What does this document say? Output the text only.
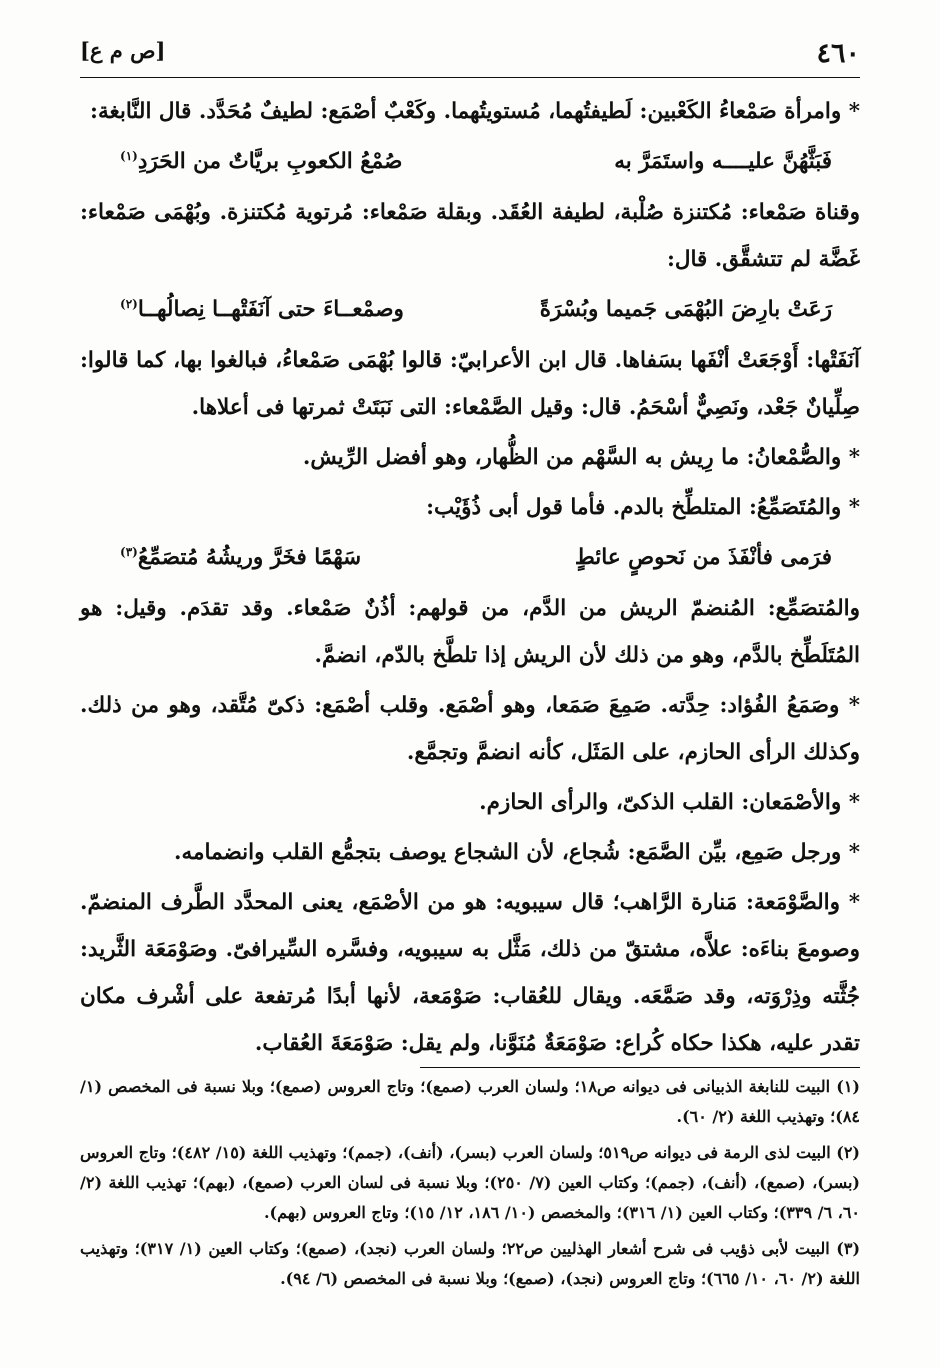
٤٦٠
[ص م ع]

* وامرأة صَمْعاءُ الكَعْبين: لَطيفتُهما، مُستويتُهما. وكَعْبٌ أصْمَع: لطيفٌ مُحَدَّد. قال النَّابغة:

فَبَثَّهُنَّ عليــــه واستَمَرَّ به
صُمْعُ الكعوبِ بريَّاتٌ من الحَرَدِ$^{(١)}$

وقناة صَمْعاء: مُكتنزة صُلْبة، لطيفة العُقَد. وبقلة صَمْعاء: مُرتوية مُكتنزة. وبُهْمَى صَمْعاء: غَضَّة لم تتشقَّق. قال:

رَعَتْ بارِضَ البُهْمَى جَميما وبُسْرَةً
وصمْعــاءَ حتى آنَفَتْهــا نِصالُهــا$^{(٢)}$

آنَفَتْها: أَوْجَعَتْ أنْفَها بسَفاها. قال ابن الأعرابيّ: قالوا بُهْمَى صَمْعاءُ، فبالغوا بها، كما قالوا: صِلِّيانٌ جَعْد، ونَصِيٌّ أسْحَمُ. قال: وقيل الصَّمْعاء: التى نَبَتَتْ ثمرتها فى أعلاها.

* والصُّمْعانُ: ما رِيش به السَّهْم من الظُّهار، وهو أفضل الرِّيش.

* والمُتَصَمِّعُ: المتلطِّخ بالدم. فأما قول أبى ذُؤَيْب:

فرَمى فأنْفَذَ من نَحوصٍ عائطٍ
سَهْمًا فخَرَّ وريشُهُ مُتصَمِّعُ$^{(٣)}$

والمُتصَمِّع: المُنضمّ الريش من الدَّم، من قولهم: أذُنٌ صَمْعاء. وقد تقدَم. وقيل: هو المُتَلَطِّخ بالدَّم، وهو من ذلك لأن الريش إذا تلطَّخ بالدّم، انضمَّ.

* وصَمَعُ الفُؤاد: حِدَّته. صَمِعَ صَمَعا، وهو أصْمَع. وقلب أصْمَع: ذكىّ مُتَّقد، وهو من ذلك. وكذلك الرأى الحازم، على المَثَل، كأنه انضمَّ وتجمَّع.

* والأصْمَعان: القلب الذكىّ، والرأى الحازم.

* ورجل صَمِع، بيِّن الصَّمَع: شُجاع، لأن الشجاع يوصف بتجمُّع القلب وانضمامه.

* والصَّوْمَعة: مَنارة الرَّاهب؛ قال سيبويه: هو من الأصْمَع، يعنى المحدَّد الطَّرف المنضمّ. وصومعَ بناءَه: علاَّه، مشتقّ من ذلك، مَثَّل به سيبويه، وفسَّره السِّيرافىّ. وصَوْمَعَة الثَّريد: جُثَّته وذِرْوَته، وقد صَمَّعَه. ويقال للعُقاب: صَوْمَعة، لأنها أبدًا مُرتفعة على أشْرف مكان تقدر عليه، هكذا حكاه كُراع: صَوْمَعَةٌ مُنَوَّنا، ولم يقل: صَوْمَعَةَ العُقاب.

(١) البيت للنابغة الذبيانى فى ديوانه ص١٨؛ ولسان العرب (صمع)؛ وتاج العروس (صمع)؛ وبلا نسبة فى المخصص (١/ ٨٤)؛ وتهذيب اللغة (٢/ ٦٠).

(٢) البيت لذى الرمة فى ديوانه ص٥١٩؛ ولسان العرب (بسر)، (أنف)، (جمم)؛ وتهذيب اللغة (١٥/ ٤٨٢)؛ وتاج العروس (بسر)، (صمع)، (أنف)، (جمم)؛ وكتاب العين (٧/ ٢٥٠)؛ وبلا نسبة فى لسان العرب (صمع)، (بهم)؛ تهذيب اللغة (٢/ ٦٠، ٦/ ٣٣٩)؛ وكتاب العين (١/ ٣١٦)؛ والمخصص (١٠/ ١٨٦، ١٢/ ١٥)؛ وتاج العروس (بهم).

(٣) البيت لأبى ذؤيب فى شرح أشعار الهذليين ص٢٢؛ ولسان العرب (نجد)، (صمع)؛ وكتاب العين (١/ ٣١٧)؛ وتهذيب اللغة (٢/ ٦٠، ١٠/ ٦٦٥)؛ وتاج العروس (نجد)، (صمع)؛ وبلا نسبة فى المخصص (٦/ ٩٤).
